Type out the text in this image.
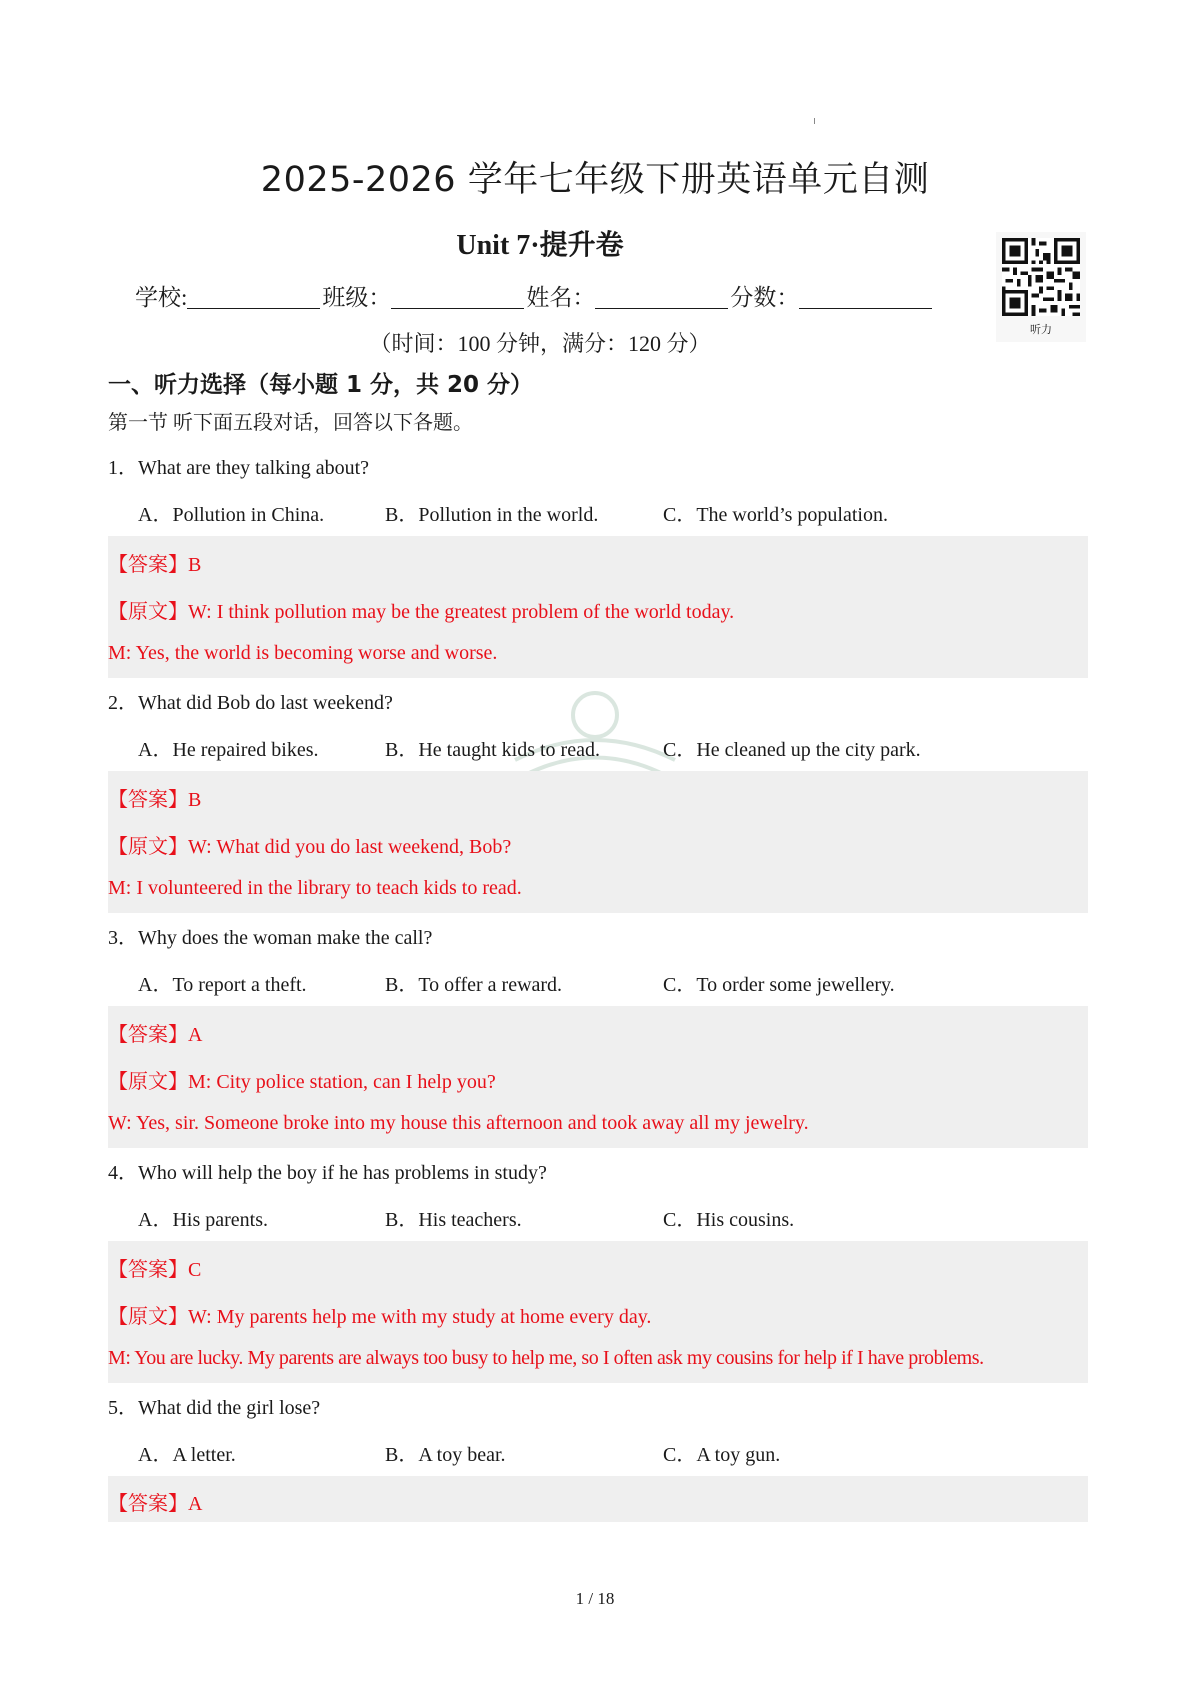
2025-2026 学年七年级下册英语单元自测
Unit 7·提升卷
学校:	班级：	姓名：	分数：
（时间：100 分钟，满分：120 分）
听力
一、听力选择（每小题 1 分，共 20 分）
第一节 听下面五段对话，回答以下各题。
1．What are they talking about?
A．Pollution in China.	B．Pollution in the world.	C．The world’s population.
【答案】B
【原文】W: I think pollution may be the greatest problem of the world today.
M: Yes, the world is becoming worse and worse.
2．What did Bob do last weekend?
A．He repaired bikes.	B．He taught kids to read.	C．He cleaned up the city park.
【答案】B
【原文】W: What did you do last weekend, Bob?
M: I volunteered in the library to teach kids to read.
3．Why does the woman make the call?
A．To report a theft.	B．To offer a reward.	C．To order some jewellery.
【答案】A
【原文】M: City police station, can I help you?
W: Yes, sir. Someone broke into my house this afternoon and took away all my jewelry.
4．Who will help the boy if he has problems in study?
A．His parents.	B．His teachers.	C．His cousins.
【答案】C
【原文】W: My parents help me with my study at home every day.
M: You are lucky. My parents are always too busy to help me, so I often ask my cousins for help if I have problems.
5．What did the girl lose?
A．A letter.	B．A toy bear.	C．A toy gun.
【答案】A
1 / 18
